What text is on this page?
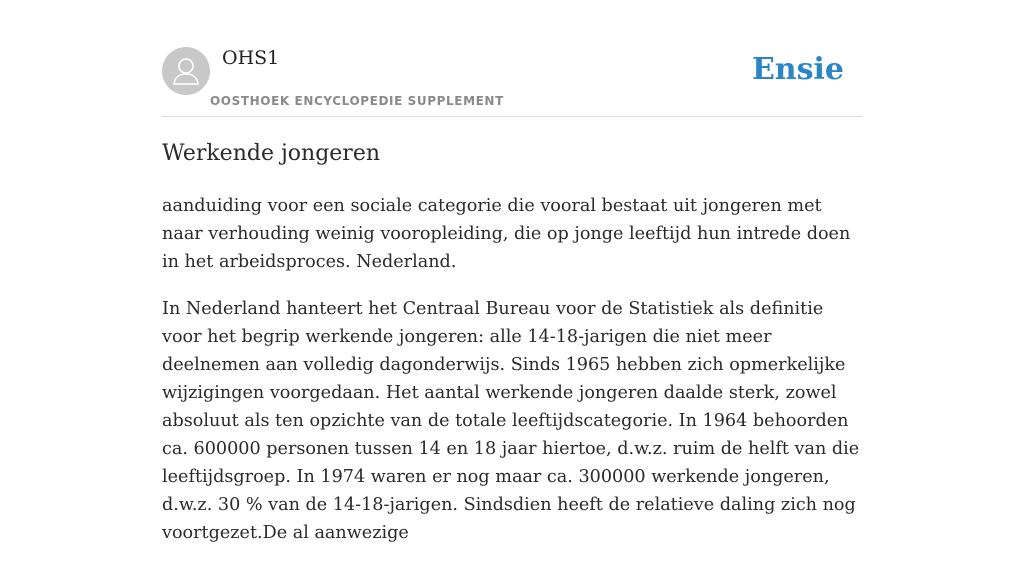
OHS1
OOSTHOEK ENCYCLOPEDIE SUPPLEMENT
Ensie
Werkende jongeren

aanduiding voor een sociale categorie die vooral bestaat uit jongeren met naar verhouding weinig vooropleiding, die op jonge leeftijd hun intrede doen in het arbeidsproces. Nederland.

In Nederland hanteert het Centraal Bureau voor de Statistiek als definitie voor het begrip werkende jongeren: alle 14-18-jarigen die niet meer deelnemen aan volledig dagonderwijs. Sinds 1965 hebben zich opmerkelijke wijzigingen voorgedaan. Het aantal werkende jongeren daalde sterk, zowel absoluut als ten opzichte van de totale leeftijdscategorie. In 1964 behoorden ca. 600000 personen tussen 14 en 18 jaar hiertoe, d.w.z. ruim de helft van die leeftijdsgroep. In 1974 waren er nog maar ca. 300000 werkende jongeren, d.w.z. 30 % van de 14-18-jarigen. Sindsdien heeft de relatieve daling zich nog voortgezet.De al aanwezige
